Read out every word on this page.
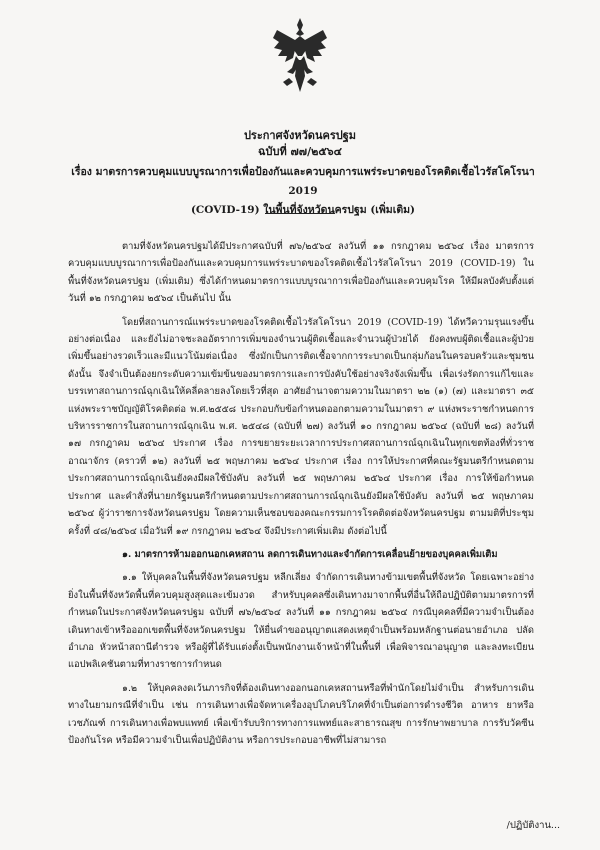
ประกาศจังหวัดนครปฐม
ฉบับที่ ๗๗/๒๕๖๔
เรื่อง มาตรการควบคุมแบบบูรณาการเพื่อป้องกันและควบคุมการแพร่ระบาดของโรคติดเชื้อไวรัสโคโรนา 2019
(COVID-19) ในพื้นที่จังหวัดนครปฐม (เพิ่มเติม)

ตามที่จังหวัดนครปฐมได้มีประกาศฉบับที่ ๗๖/๒๕๖๔ ลงวันที่ ๑๑ กรกฎาคม ๒๕๖๔ เรื่อง มาตรการควบคุมแบบบูรณาการเพื่อป้องกันและควบคุมการแพร่ระบาดของโรคติดเชื้อไวรัสโคโรนา 2019 (COVID-19) ในพื้นที่จังหวัดนครปฐม (เพิ่มเติม) ซึ่งได้กำหนดมาตรการแบบบูรณาการเพื่อป้องกันและควบคุมโรค ให้มีผลบังคับตั้งแต่วันที่ ๑๒ กรกฎาคม ๒๕๖๔ เป็นต้นไป นั้น

โดยที่สถานการณ์แพร่ระบาดของโรคติดเชื้อไวรัสโคโรนา 2019 (COVID-19) ได้ทวีความรุนแรงขึ้นอย่างต่อเนื่อง และยังไม่อาจชะลออัตราการเพิ่มของจำนวนผู้ติดเชื้อและจำนวนผู้ป่วยได้ ยังคงพบผู้ติดเชื้อและผู้ป่วยเพิ่มขึ้นอย่างรวดเร็วและมีแนวโน้มต่อเนื่อง ซึ่งมักเป็นการติดเชื้อจากการระบาดเป็นกลุ่มก้อนในครอบครัวและชุมชน ดังนั้น จึงจำเป็นต้องยกระดับความเข้มข้นของมาตรการและการบังคับใช้อย่างจริงจังเพิ่มขึ้น เพื่อเร่งรัดการแก้ไขและบรรเทาสถานการณ์ฉุกเฉินให้คลี่คลายลงโดยเร็วที่สุด อาศัยอำนาจตามความในมาตรา ๒๒ (๑) (๗) และมาตรา ๓๕ แห่งพระราชบัญญัติโรคติดต่อ พ.ศ.๒๕๕๘ ประกอบกับข้อกำหนดออกตามความในมาตรา ๙ แห่งพระราชกำหนดการบริหารราชการในสถานการณ์ฉุกเฉิน พ.ศ. ๒๕๔๘ (ฉบับที่ ๒๗) ลงวันที่ ๑๐ กรกฎาคม ๒๕๖๔ (ฉบับที่ ๒๘) ลงวันที่ ๑๗ กรกฎาคม ๒๕๖๔ ประกาศ เรื่อง การขยายระยะเวลาการประกาศสถานการณ์ฉุกเฉินในทุกเขตท้องที่ทั่วราชอาณาจักร (คราวที่ ๑๒) ลงวันที่ ๒๕ พฤษภาคม ๒๕๖๔ ประกาศ เรื่อง การให้ประกาศที่คณะรัฐมนตรีกำหนดตามประกาศสถานการณ์ฉุกเฉินยังคงมีผลใช้บังคับ ลงวันที่ ๒๕ พฤษภาคม ๒๕๖๔ ประกาศ เรื่อง การให้ข้อกำหนด ประกาศ และคำสั่งที่นายกรัฐมนตรีกำหนดตามประกาศสถานการณ์ฉุกเฉินยังมีผลใช้บังคับ ลงวันที่ ๒๕ พฤษภาคม ๒๕๖๔ ผู้ว่าราชการจังหวัดนครปฐม โดยความเห็นชอบของคณะกรรมการโรคติดต่อจังหวัดนครปฐม ตามมติที่ประชุมครั้งที่ ๔๘/๒๕๖๔ เมื่อวันที่ ๑๙ กรกฎาคม ๒๕๖๔ จึงมีประกาศเพิ่มเติม ดังต่อไปนี้

๑. มาตรการห้ามออกนอกเคหสถาน ลดการเดินทางและจำกัดการเคลื่อนย้ายของบุคคลเพิ่มเติม

๑.๑ ให้บุคคลในพื้นที่จังหวัดนครปฐม หลีกเลี่ยง จำกัดการเดินทางข้ามเขตพื้นที่จังหวัด โดยเฉพาะอย่างยิ่งในพื้นที่จังหวัดพื้นที่ควบคุมสูงสุดและเข้มงวด สำหรับบุคคลซึ่งเดินทางมาจากพื้นที่อื่นให้ถือปฏิบัติตามมาตรการที่กำหนดในประกาศจังหวัดนครปฐม ฉบับที่ ๗๖/๒๕๖๔ ลงวันที่ ๑๑ กรกฎาคม ๒๕๖๔ กรณีบุคคลที่มีความจำเป็นต้องเดินทางเข้าหรือออกเขตพื้นที่จังหวัดนครปฐม ให้ยื่นคำขออนุญาตแสดงเหตุจำเป็นพร้อมหลักฐานต่อนายอำเภอ ปลัดอำเภอ หัวหน้าสถานีตำรวจ หรือผู้ที่ได้รับแต่งตั้งเป็นพนักงานเจ้าหน้าที่ในพื้นที่ เพื่อพิจารณาอนุญาต และลงทะเบียนแอปพลิเคชันตามที่ทางราชการกำหนด

๑.๒ ให้บุคคลงดเว้นภารกิจที่ต้องเดินทางออกนอกเคหสถานหรือที่พำนักโดยไม่จำเป็น สำหรับการเดินทางในยามกรณีที่จำเป็น เช่น การเดินทางเพื่อจัดหาเครื่องอุปโภคบริโภคที่จำเป็นต่อการดำรงชีวิต อาหาร ยาหรือเวชภัณฑ์ การเดินทางเพื่อพบแพทย์ เพื่อเข้ารับบริการทางการแพทย์และสาธารณสุข การรักษาพยาบาล การรับวัคซีนป้องกันโรค หรือมีความจำเป็นเพื่อปฏิบัติงาน หรือการประกอบอาชีพที่ไม่สามารถ

/ปฏิบัติงาน...
